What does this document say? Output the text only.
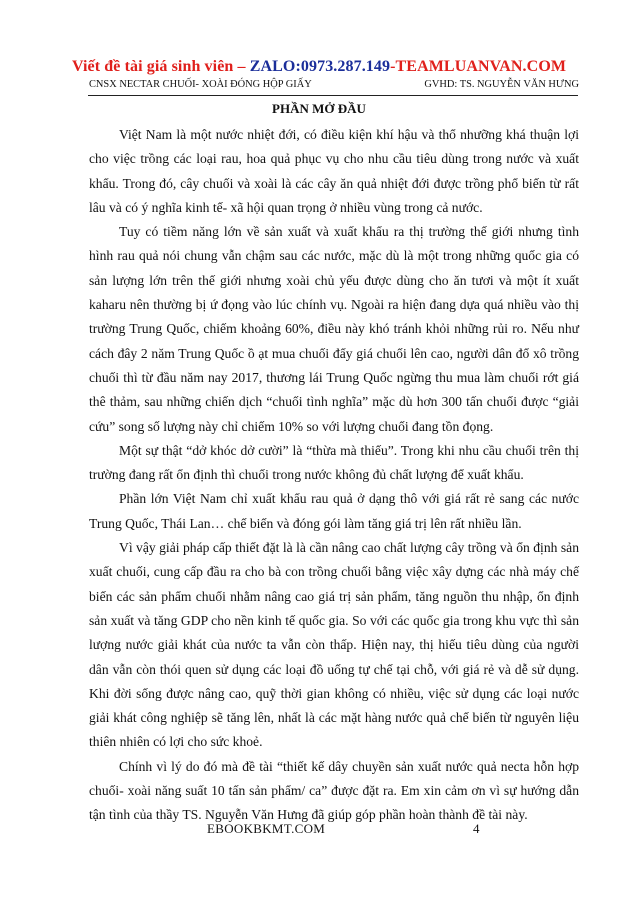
Viết đề tài giá sinh viên – ZALO:0973.287.149-TEAMLUANVAN.COM
CNSX NECTAR CHUỐI- XOÀI ĐÓNG HỘP GIẤY	GVHD: TS. NGUYỄN VĂN HƯNG
PHẦN MỞ ĐẦU

Việt Nam là một nước nhiệt đới, có điều kiện khí hậu và thổ nhưỡng khá thuận lợi cho việc trồng các loại rau, hoa quả phục vụ cho nhu cầu tiêu dùng trong nước và xuất khẩu. Trong đó, cây chuối và xoài là các cây ăn quả nhiệt đới được trồng phổ biến từ rất lâu và có ý nghĩa kinh tế- xã hội quan trọng ở nhiều vùng trong cả nước.

Tuy có tiềm năng lớn về sản xuất và xuất khẩu ra thị trường thế giới nhưng tình hình rau quả nói chung vẫn chậm sau các nước, mặc dù là một trong những quốc gia có sản lượng lớn trên thế giới nhưng xoài chủ yếu được dùng cho ăn tươi và một ít xuất kaharu nên thường bị ứ đọng vào lúc chính vụ. Ngoài ra hiện đang dựa quá nhiều vào thị trường Trung Quốc, chiếm khoảng 60%, điều này khó tránh khỏi những rủi ro. Nếu như cách đây 2 năm Trung Quốc ồ ạt mua chuối đẩy giá chuối lên cao, người dân đổ xô trồng chuối thì từ đầu năm nay 2017, thương lái Trung Quốc ngừng thu mua làm chuối rớt giá thê thảm, sau những chiến dịch “chuối tình nghĩa” mặc dù hơn 300 tấn chuối được “giải cứu” song số lượng này chỉ chiếm 10% so với lượng chuối đang tồn đọng.

Một sự thật “dở khóc dở cười” là “thừa mà thiếu”. Trong khi nhu cầu chuối trên thị trường đang rất ổn định thì chuối trong nước không đủ chất lượng để xuất khẩu.

Phần lớn Việt Nam chỉ xuất khẩu rau quả ở dạng thô với giá rất rẻ sang các nước Trung Quốc, Thái Lan… chế biến và đóng gói làm tăng giá trị lên rất nhiều lần.

Vì vậy giải pháp cấp thiết đặt là là cần nâng cao chất lượng cây trồng và ổn định sản xuất chuối, cung cấp đầu ra cho bà con trồng chuối bằng việc xây dựng các nhà máy chế biến các sản phẩm chuối nhằm nâng cao giá trị sản phẩm, tăng nguồn thu nhập, ổn định sản xuất và tăng GDP cho nền kinh tế quốc gia. So với các quốc gia trong khu vực thì sản lượng nước giải khát của nước ta vẫn còn thấp. Hiện nay, thị hiếu tiêu dùng của người dân vẫn còn thói quen sử dụng các loại đồ uống tự chế tại chỗ, với giá rẻ và dễ sử dụng. Khi đời sống được nâng cao, quỹ thời gian không có nhiều, việc sử dụng các loại nước giải khát công nghiệp sẽ tăng lên, nhất là các mặt hàng nước quả chế biến từ nguyên liệu thiên nhiên có lợi cho sức khoẻ.

Chính vì lý do đó mà đề tài “thiết kế dây chuyền sản xuất nước quả necta hỗn hợp chuối- xoài năng suất 10 tấn sản phẩm/ ca” được đặt ra. Em xin cảm ơn vì sự hướng dẫn tận tình của thầy TS. Nguyễn Văn Hưng đã giúp góp phần hoàn thành đề tài này.

EBOOKBKMT.COM	4
